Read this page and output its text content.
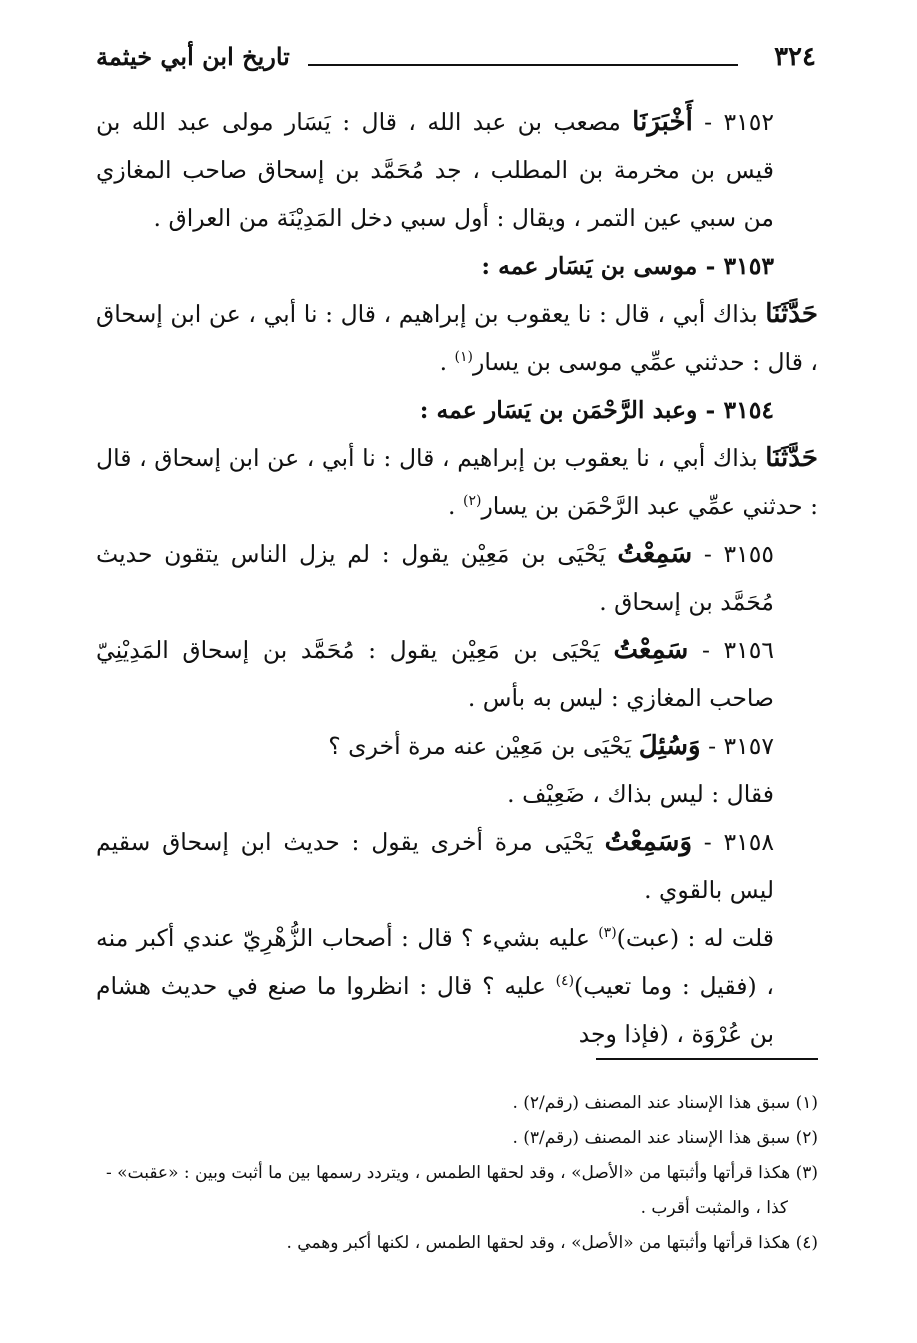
٣٢٤
تاريخ ابن أبي خيثمة

٣١٥٢ - أَخْبَرَنَا مصعب بن عبد الله ، قال : يَسَار مولى عبد الله بن قيس بن مخرمة بن المطلب ، جد مُحَمَّد بن إسحاق صاحب المغازي من سبي عين التمر ، ويقال : أول سبي دخل المَدِيْنَة من العراق .

٣١٥٣ - موسى بن يَسَار عمه :

حَدَّثَنَا بذاك أبي ، قال : نا يعقوب بن إبراهيم ، قال : نا أبي ، عن ابن إسحاق ، قال : حدثني عمِّي موسى بن يسار$^{(١)}$ .

٣١٥٤ - وعبد الرَّحْمَن بن يَسَار عمه :

حَدَّثَنَا بذاك أبي ، نا يعقوب بن إبراهيم ، قال : نا أبي ، عن ابن إسحاق ، قال : حدثني عمِّي عبد الرَّحْمَن بن يسار$^{(٢)}$ .

٣١٥٥ - سَمِعْتُ يَحْيَى بن مَعِيْن يقول : لم يزل الناس يتقون حديث مُحَمَّد بن إسحاق .

٣١٥٦ - سَمِعْتُ يَحْيَى بن مَعِيْن يقول : مُحَمَّد بن إسحاق المَدِيْنِيّ صاحب المغازي : ليس به بأس .

٣١٥٧ - وَسُئِلَ يَحْيَى بن مَعِيْن عنه مرة أخرى ؟

فقال : ليس بذاك ، ضَعِيْف .

٣١٥٨ - وَسَمِعْتُ يَحْيَى مرة أخرى يقول : حديث ابن إسحاق سقيم ليس بالقوي .

قلت له : (عبت)$^{(٣)}$ عليه بشيء ؟ قال : أصحاب الزُّهْرِيّ عندي أكبر منه ، (فقيل : وما تعيب)$^{(٤)}$ عليه ؟ قال : انظروا ما صنع في حديث هشام بن عُرْوَة ، (فإذا وجد

(١) سبق هذا الإسناد عند المصنف (رقم/٢) .

(٢) سبق هذا الإسناد عند المصنف (رقم/٣) .

(٣) هكذا قرأتها وأثبتها من «الأصل» ، وقد لحقها الطمس ، ويتردد رسمها بين ما أثبت وبين : «عقبت» -

كذا ، والمثبت أقرب .

(٤) هكذا قرأتها وأثبتها من «الأصل» ، وقد لحقها الطمس ، لكنها أكبر وهمي .
